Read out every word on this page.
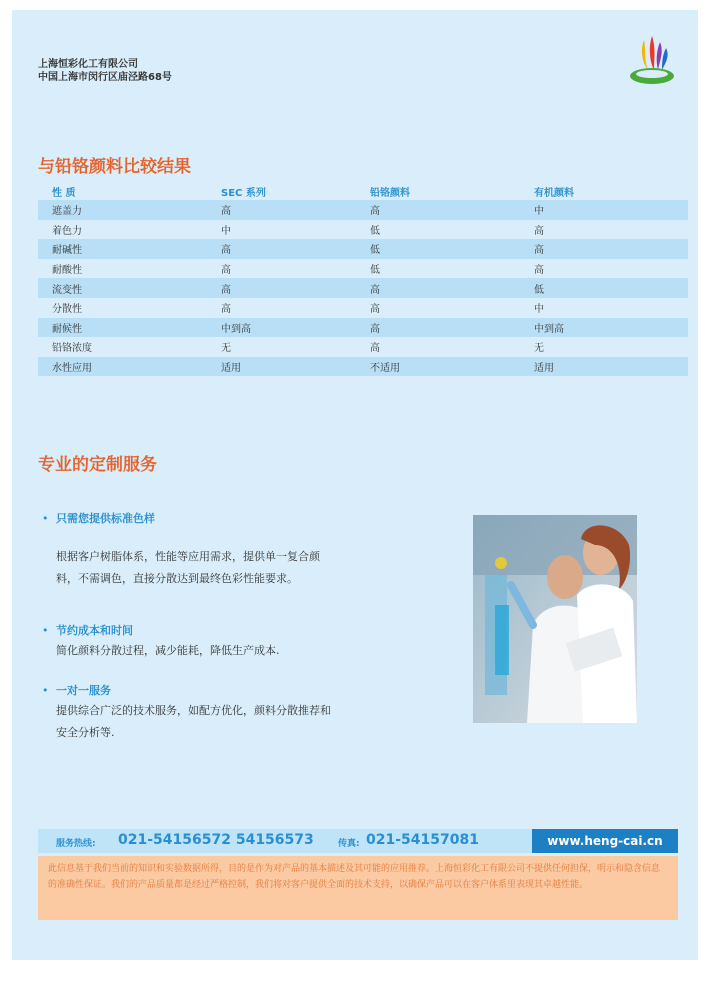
上海恒彩化工有限公司
中国上海市闵行区庙泾路68号
与铅铬颜料比较结果
性 质	SEC 系列	铅铬颜料	有机颜料
遮盖力	高	高	中
着色力	中	低	高
耐碱性	高	低	高
耐酸性	高	低	高
流变性	高	高	低
分散性	高	高	中
耐候性	中到高	高	中到高
铅铬浓度	无	高	无
水性应用	适用	不适用	适用
专业的定制服务
• 只需您提供标准色样
根据客户树脂体系，性能等应用需求，提供单一复合颜料，不需调色，直接分散达到最终色彩性能要求。
• 节约成本和时间
简化颜料分散过程，减少能耗，降低生产成本.
• 一对一服务
提供综合广泛的技术服务，如配方优化，颜料分散推荐和安全分析等.
服务热线: 021-54156572 54156573	传真: 021-54157081	www.heng-cai.cn
此信息基于我们当前的知识和实验数据所得，目的是作为对产品的基本描述及其可能的应用推荐。上海恒彩化工有限公司不提供任何担保，明示和隐含信息的准确性保证。我们的产品质量都是经过严格控制，我们将对客户提供全面的技术支持，以确保产品可以在客户体系里表现其卓越性能。
